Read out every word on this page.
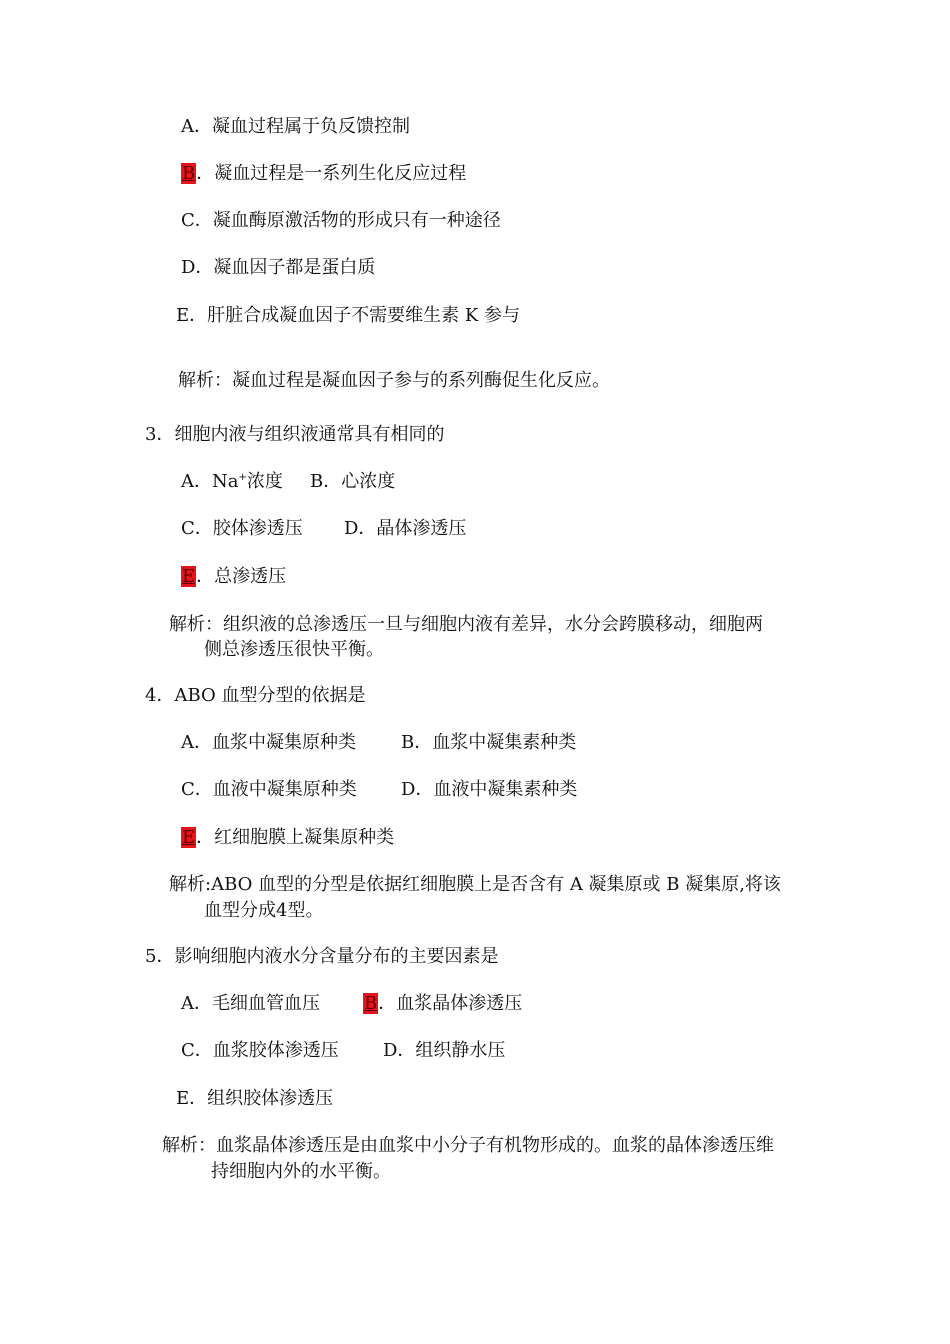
A．凝血过程属于负反馈控制
B．凝血过程是一系列生化反应过程
C．凝血酶原激活物的形成只有一种途径
D．凝血因子都是蛋白质
E．肝脏合成凝血因子不需要维生素 K 参与
解析：凝血过程是凝血因子参与的系列酶促生化反应。
3．细胞内液与组织液通常具有相同的
A．Na+浓度 B．心浓度
C．胶体渗透压 D．晶体渗透压
E．总渗透压
解析：组织液的总渗透压一旦与细胞内液有差异，水分会跨膜移动，细胞两
侧总渗透压很快平衡。
4．ABO 血型分型的依据是
A．血浆中凝集原种类	B．血浆中凝集素种类
C．血液中凝集原种类 D．血液中凝集素种类
E．红细胞膜上凝集原种类
解析:ABO 血型的分型是依据红细胞膜上是否含有 A 凝集原或 B 凝集原,将该
血型分成4型。
5．影响细胞内液水分含量分布的主要因素是
A．毛细血管血压 B．血浆晶体渗透压
C．血浆胶体渗透压 D．组织静水压
E．组织胶体渗透压
解析：血浆晶体渗透压是由血浆中小分子有机物形成的。血浆的晶体渗透压维
持细胞内外的水平衡。
